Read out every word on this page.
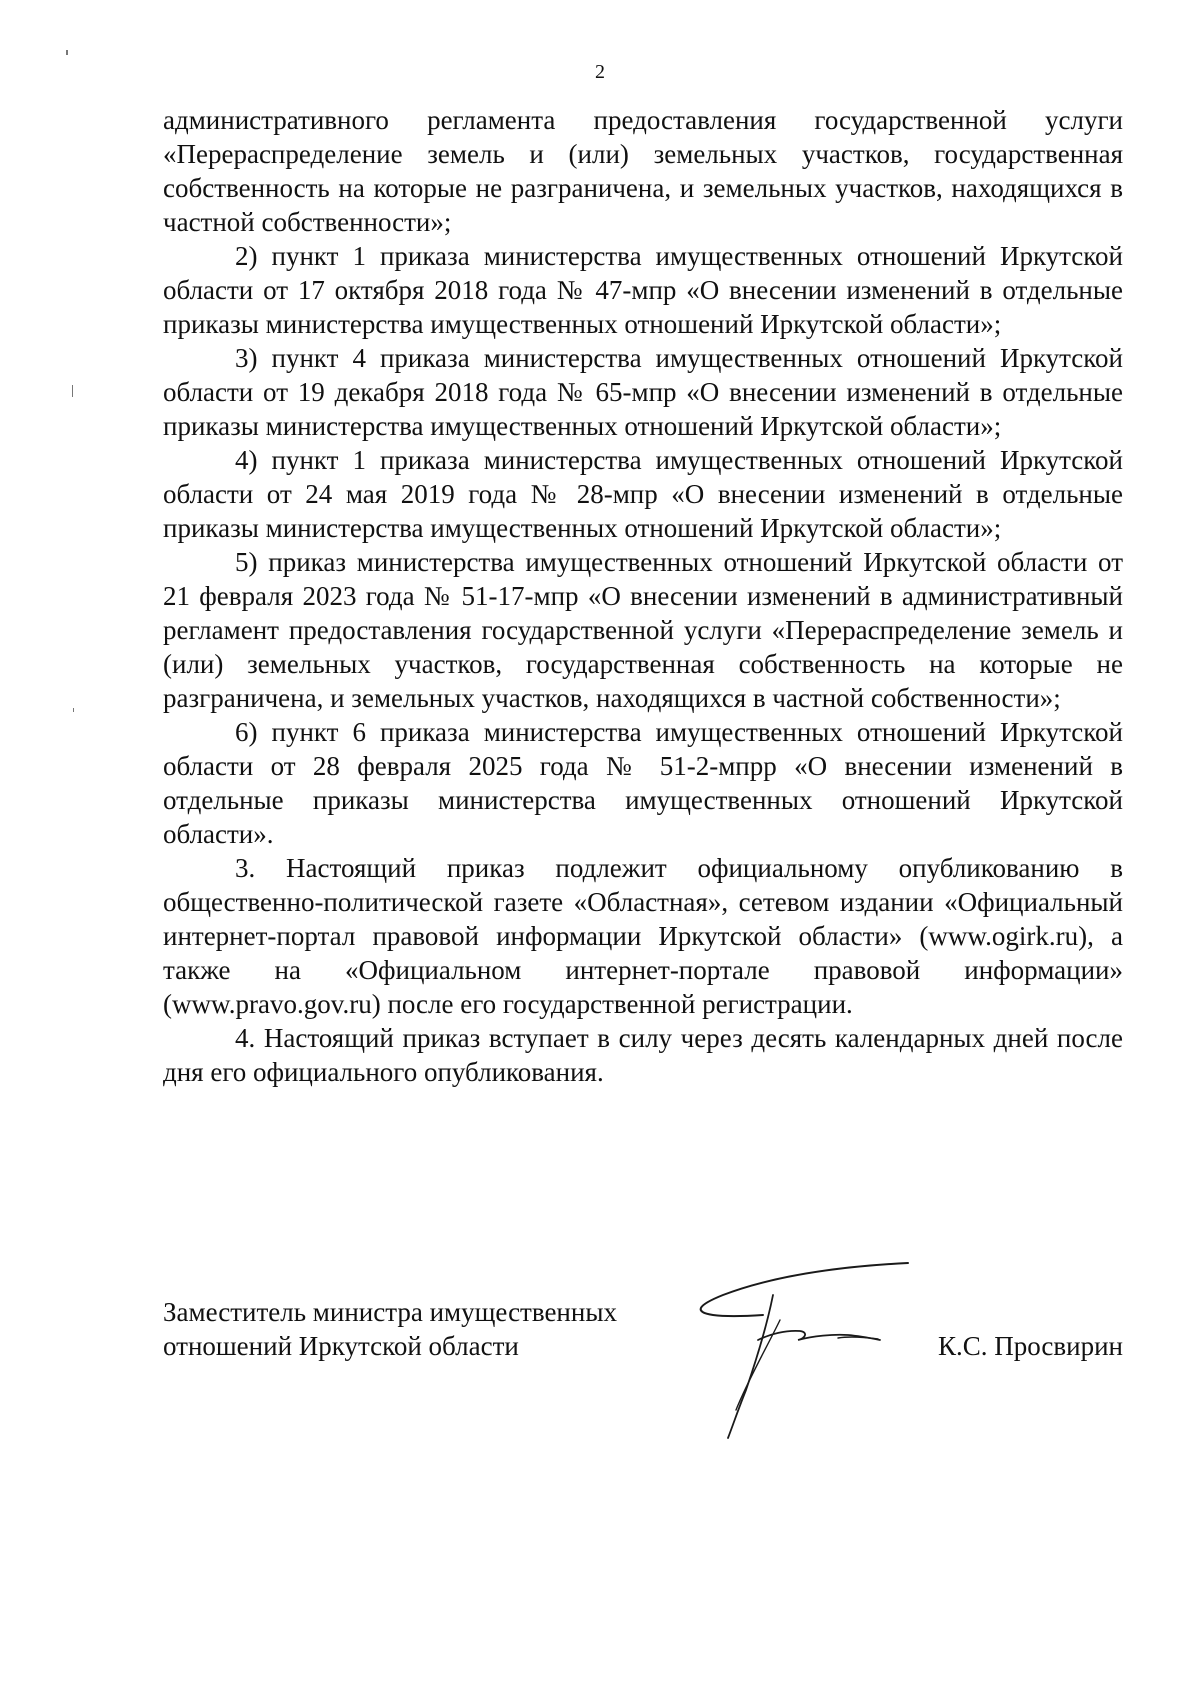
2

административного регламента предоставления государственной услуги «Перераспределение земель и (или) земельных участков, государственная собственность на которые не разграничена, и земельных участков, находящихся в частной собственности»;

2) пункт 1 приказа министерства имущественных отношений Иркутской области от 17 октября 2018 года № 47-мпр «О внесении изменений в отдельные приказы министерства имущественных отношений Иркутской области»;

3) пункт 4 приказа министерства имущественных отношений Иркутской области от 19 декабря 2018 года № 65-мпр «О внесении изменений в отдельные приказы министерства имущественных отношений Иркутской области»;

4) пункт 1 приказа министерства имущественных отношений Иркутской области от 24 мая 2019 года № 28-мпр «О внесении изменений в отдельные приказы министерства имущественных отношений Иркутской области»;

5) приказ министерства имущественных отношений Иркутской области от 21 февраля 2023 года № 51-17-мпр «О внесении изменений в административный регламент предоставления государственной услуги «Перераспределение земель и (или) земельных участков, государственная собственность на которые не разграничена, и земельных участков, находящихся в частной собственности»;

6) пункт 6 приказа министерства имущественных отношений Иркутской области от 28 февраля 2025 года № 51-2-мпрр «О внесении изменений в отдельные приказы министерства имущественных отношений Иркутской области».

3. Настоящий приказ подлежит официальному опубликованию в общественно-политической газете «Областная», сетевом издании «Официальный интернет-портал правовой информации Иркутской области» (www.ogirk.ru), а также на «Официальном интернет-портале правовой информации» (www.pravo.gov.ru) после его государственной регистрации.

4. Настоящий приказ вступает в силу через десять календарных дней после дня его официального опубликования.

Заместитель министра имущественных
отношений Иркутской области	К.С. Просвирин
